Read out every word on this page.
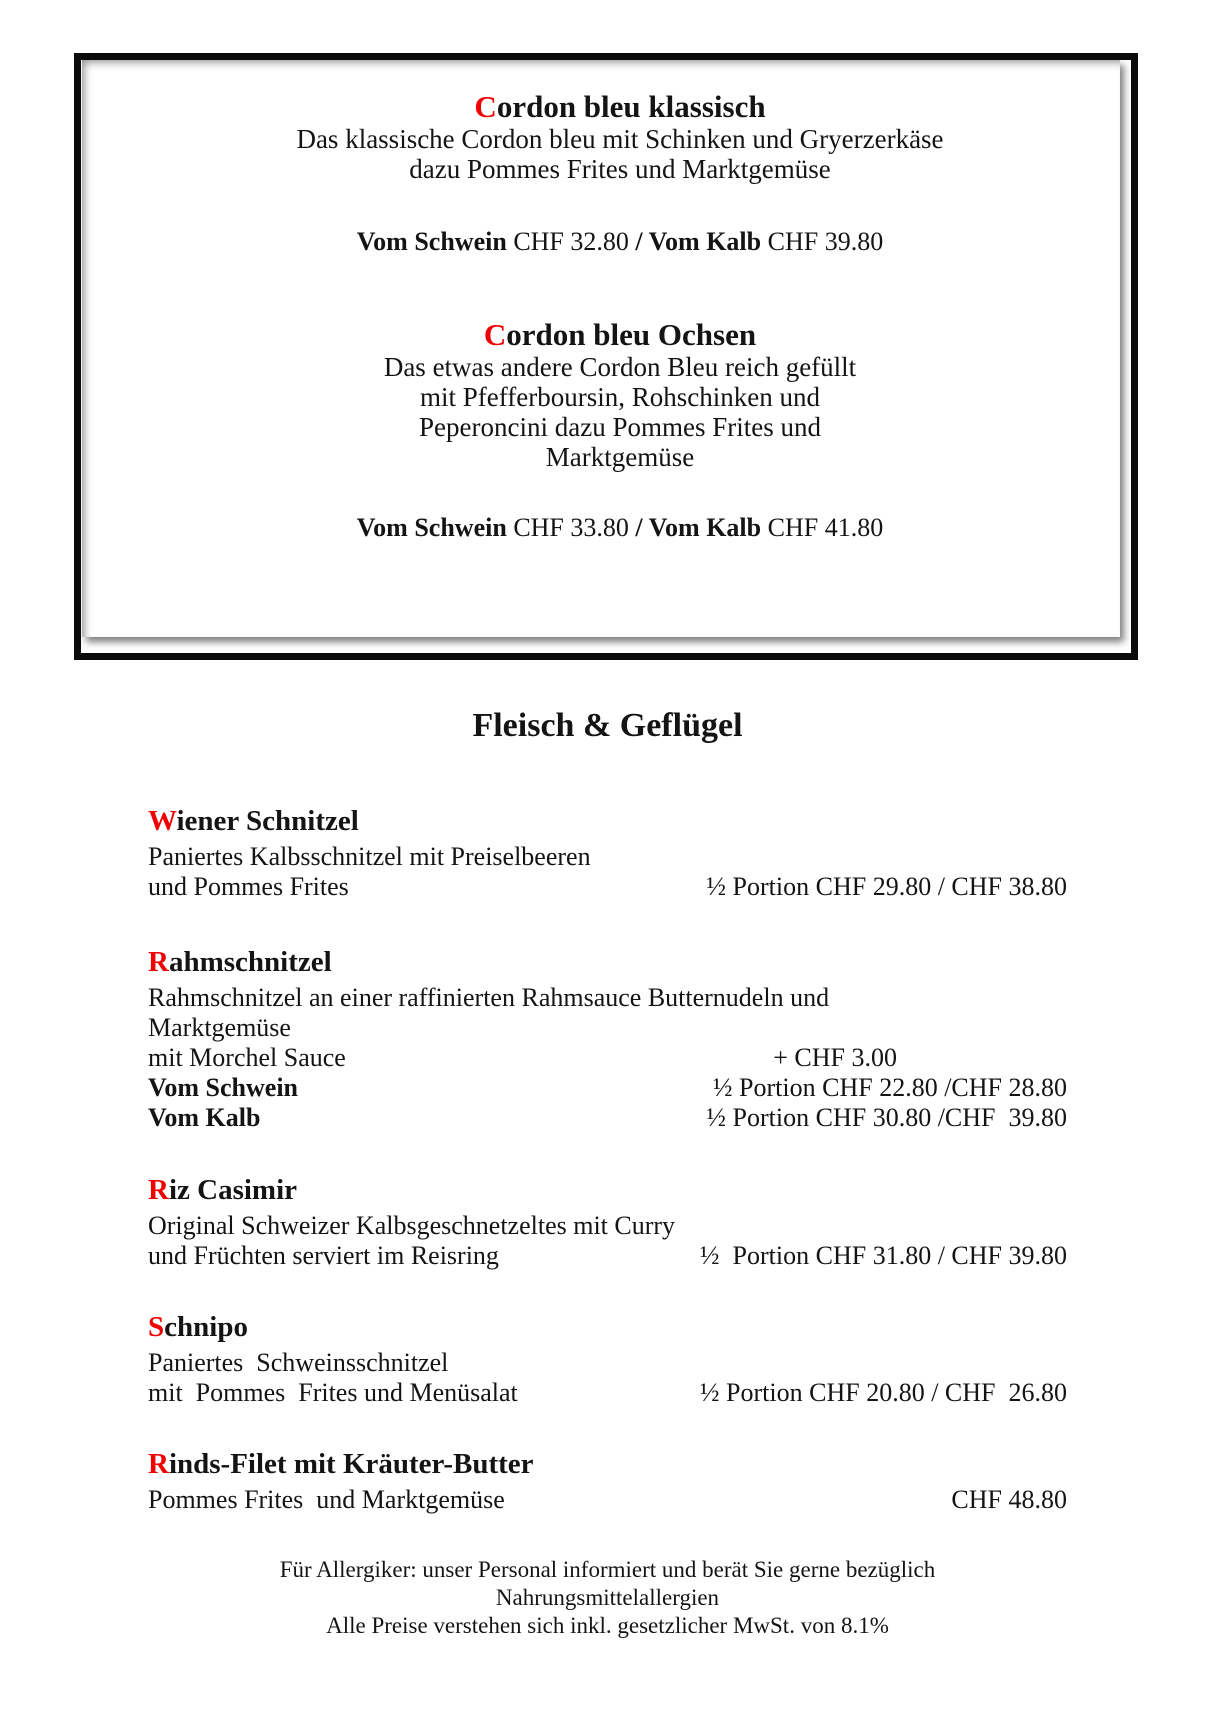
Cordon bleu klassisch
Das klassische Cordon bleu mit Schinken und Gryerzerkäse
dazu Pommes Frites und Marktgemüse
Vom Schwein CHF 32.80 / Vom Kalb CHF 39.80
Cordon bleu Ochsen
Das etwas andere Cordon Bleu reich gefüllt
mit Pfefferboursin, Rohschinken und
Peperoncini dazu Pommes Frites und
Marktgemüse
Vom Schwein CHF 33.80 / Vom Kalb CHF 41.80
Fleisch & Geflügel
Wiener Schnitzel
Paniertes Kalbsschnitzel mit Preiselbeeren
und Pommes Frites	½ Portion CHF 29.80 / CHF 38.80
Rahmschnitzel
Rahmschnitzel an einer raffinierten Rahmsauce Butternudeln und
Marktgemüse
mit Morchel Sauce	+ CHF 3.00
Vom Schwein	½ Portion CHF 22.80 /CHF 28.80
Vom Kalb	½ Portion CHF 30.80 /CHF  39.80
Riz Casimir
Original Schweizer Kalbsgeschnetzeltes mit Curry
und Früchten serviert im Reisring	½  Portion CHF 31.80 / CHF 39.80
Schnipo
Paniertes  Schweinsschnitzel
mit  Pommes  Frites und Menüsalat	½ Portion CHF 20.80 / CHF  26.80
Rinds-Filet mit Kräuter-Butter
Pommes Frites  und Marktgemüse	CHF 48.80
Für Allergiker: unser Personal informiert und berät Sie gerne bezüglich
Nahrungsmittelallergien
Alle Preise verstehen sich inkl. gesetzlicher MwSt. von 8.1%
